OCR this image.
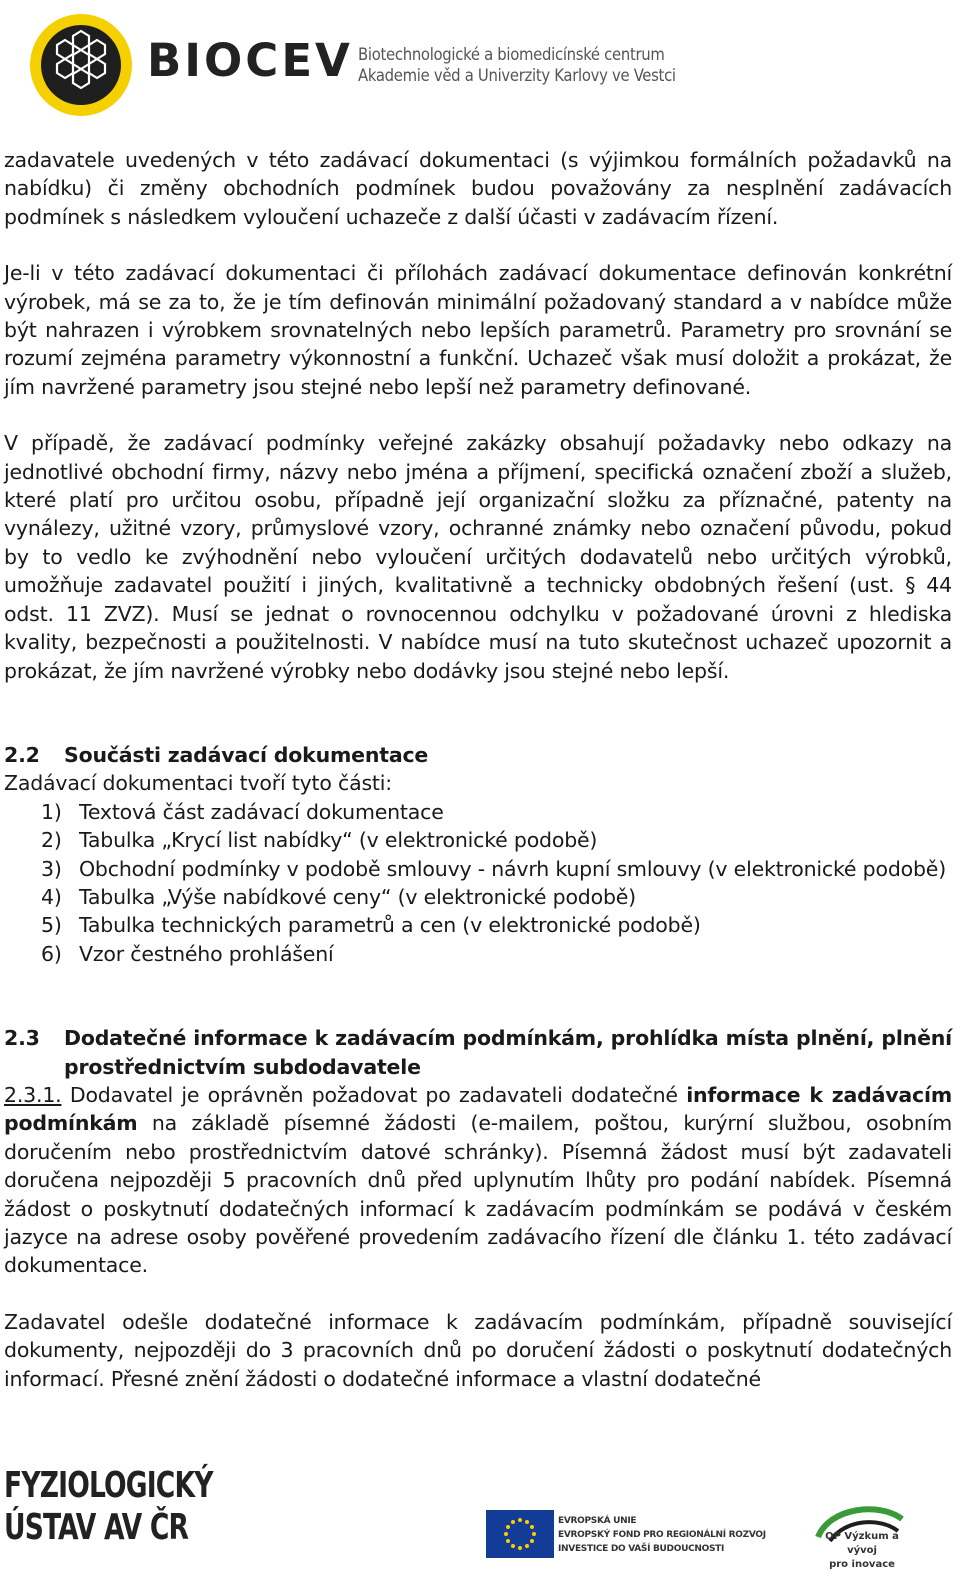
BIOCEV Biotechnologické a biomedicínské centrum
Akademie věd a Univerzity Karlovy ve Vestci

zadavatele uvedených v této zadávací dokumentaci (s výjimkou formálních požadavků na nabídku) či změny obchodních podmínek budou považovány za nesplnění zadávacích podmínek s následkem vyloučení uchazeče z další účasti v zadávacím řízení.

Je-li v této zadávací dokumentaci či přílohách zadávací dokumentace definován konkrétní výrobek, má se za to, že je tím definován minimální požadovaný standard a v nabídce může být nahrazen i výrobkem srovnatelných nebo lepších parametrů. Parametry pro srovnání se rozumí zejména parametry výkonnostní a funkční. Uchazeč však musí doložit a prokázat, že jím navržené parametry jsou stejné nebo lepší než parametry definované.

V případě, že zadávací podmínky veřejné zakázky obsahují požadavky nebo odkazy na jednotlivé obchodní firmy, názvy nebo jména a příjmení, specifická označení zboží a služeb, které platí pro určitou osobu, případně její organizační složku za příznačné, patenty na vynálezy, užitné vzory, průmyslové vzory, ochranné známky nebo označení původu, pokud by to vedlo ke zvýhodnění nebo vyloučení určitých dodavatelů nebo určitých výrobků, umožňuje zadavatel použití i jiných, kvalitativně a technicky obdobných řešení (ust. § 44 odst. 11 ZVZ). Musí se jednat o rovnocennou odchylku v požadované úrovni z hlediska kvality, bezpečnosti a použitelnosti. V nabídce musí na tuto skutečnost uchazeč upozornit a prokázat, že jím navržené výrobky nebo dodávky jsou stejné nebo lepší.

2.2 Součásti zadávací dokumentace

Zadávací dokumentaci tvoří tyto části:

1) Textová část zadávací dokumentace
2) Tabulka „Krycí list nabídky“ (v elektronické podobě)
3) Obchodní podmínky v podobě smlouvy - návrh kupní smlouvy (v elektronické podobě)
4) Tabulka „Výše nabídkové ceny“ (v elektronické podobě)
5) Tabulka technických parametrů a cen (v elektronické podobě)
6) Vzor čestného prohlášení
2.3	Dodatečné informace k zadávacím podmínkám, prohlídka místa plnění, plnění prostřednictvím subdodavatele

2.3.1. Dodavatel je oprávněn požadovat po zadavateli dodatečné informace k zadávacím podmínkám na základě písemné žádosti (e-mailem, poštou, kurýrní službou, osobním doručením nebo prostřednictvím datové schránky). Písemná žádost musí být zadavateli doručena nejpozději 5 pracovních dnů před uplynutím lhůty pro podání nabídek. Písemná žádost o poskytnutí dodatečných informací k zadávacím podmínkám se podává v českém jazyce na adrese osoby pověřené provedením zadávacího řízení dle článku 1. této zadávací dokumentace.

Zadavatel odešle dodatečné informace k zadávacím podmínkám, případně související dokumenty, nejpozději do 3 pracovních dnů po doručení žádosti o poskytnutí dodatečných informací. Přesné znění žádosti o dodatečné informace a vlastní dodatečné

FYZIOLOGICKÝ
ÚSTAV AV ČR	EVROPSKÁ UNIE
EVROPSKÝ FOND PRO REGIONÁLNÍ ROZVOJ
INVESTICE DO VAŠÍ BUDOUCNOSTI
OP Výzkum a vývoj
pro inovace
